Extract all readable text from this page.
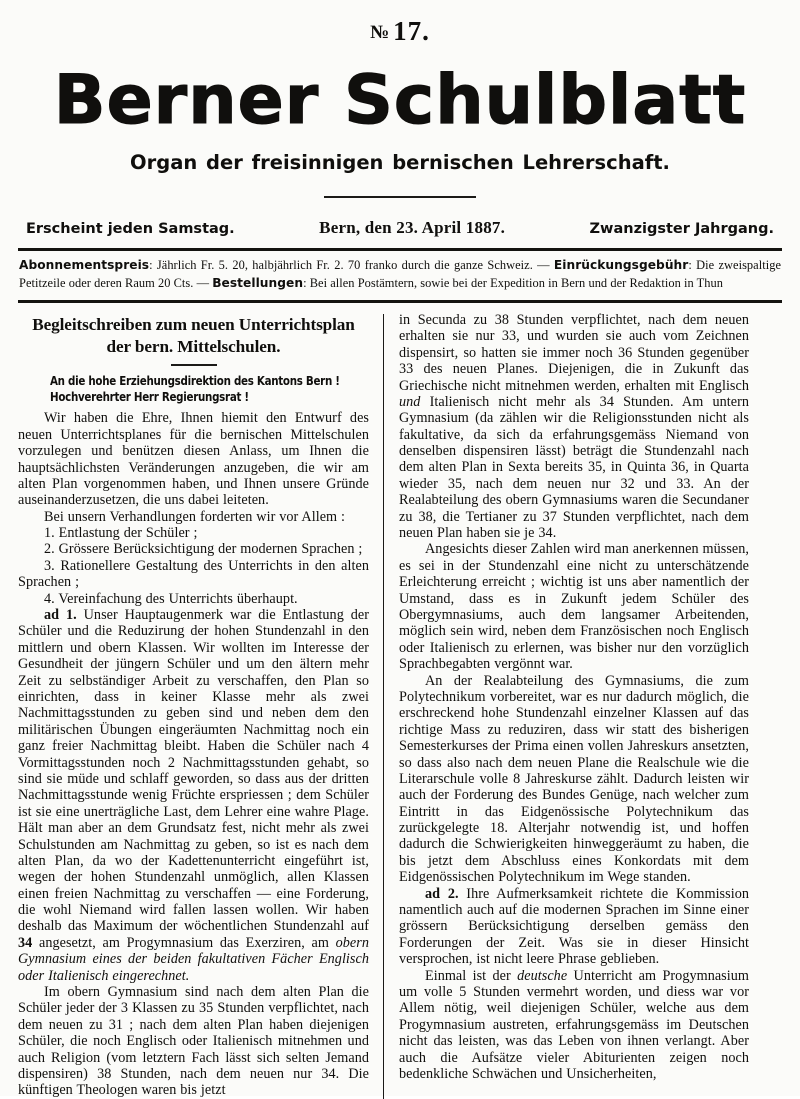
№ 17.
Berner Schulblatt
Organ der freisinnigen bernischen Lehrerschaft.
Erscheint jeden Samstag.	Bern, den 23. April 1887.	Zwanzigster Jahrgang.
Abonnementspreis: Jährlich Fr. 5. 20, halbjährlich Fr. 2. 70 franko durch die ganze Schweiz. — Einrückungsgebühr: Die zweispaltige Petitzeile oder deren Raum 20 Cts. — Bestellungen: Bei allen Postämtern, sowie bei der Expedition in Bern und der Redaktion in Thun
Begleitschreiben zum neuen Unterrichtsplan
der bern. Mittelschulen.
An die hohe Erziehungsdirektion des Kantons Bern !
Hochverehrter Herr Regierungsrat !

Wir haben die Ehre, Ihnen hiemit den Entwurf des neuen Unterrichtsplanes für die bernischen Mittelschulen vorzulegen und benützen diesen Anlass, um Ihnen die hauptsächlichsten Veränderungen anzugeben, die wir am alten Plan vorgenommen haben, und Ihnen unsere Gründe auseinanderzusetzen, die uns dabei leiteten.

Bei unsern Verhandlungen forderten wir vor Allem :

1. Entlastung der Schüler ;

2. Grössere Berücksichtigung der modernen Sprachen ;

3. Rationellere Gestaltung des Unterrichts in den alten Sprachen ;

4. Vereinfachung des Unterrichts überhaupt.

ad 1. Unser Hauptaugenmerk war die Entlastung der Schüler und die Reduzirung der hohen Stundenzahl in den mittlern und obern Klassen. Wir wollten im Interesse der Gesundheit der jüngern Schüler und um den ältern mehr Zeit zu selbständiger Arbeit zu verschaffen, den Plan so einrichten, dass in keiner Klasse mehr als zwei Nachmittagsstunden zu geben sind und neben dem den militärischen Übungen eingeräumten Nachmittag noch ein ganz freier Nachmittag bleibt. Haben die Schüler nach 4 Vormittagsstunden noch 2 Nachmittagsstunden gehabt, so sind sie müde und schlaff geworden, so dass aus der dritten Nachmittagsstunde wenig Früchte erspriessen ; dem Schüler ist sie eine unerträgliche Last, dem Lehrer eine wahre Plage. Hält man aber an dem Grundsatz fest, nicht mehr als zwei Schulstunden am Nachmittag zu geben, so ist es nach dem alten Plan, da wo der Kadettenunterricht eingeführt ist, wegen der hohen Stundenzahl unmöglich, allen Klassen einen freien Nachmittag zu verschaffen — eine Forderung, die wohl Niemand wird fallen lassen wollen. Wir haben deshalb das Maximum der wöchentlichen Stundenzahl auf 34 angesetzt, am Progymnasium das Exerziren, am obern Gymnasium eines der beiden fakultativen Fächer Englisch oder Italienisch eingerechnet.

Im obern Gymnasium sind nach dem alten Plan die Schüler jeder der 3 Klassen zu 35 Stunden verpflichtet, nach dem neuen zu 31 ; nach dem alten Plan haben diejenigen Schüler, die noch Englisch oder Italienisch mitnehmen und auch Religion (vom letztern Fach lässt sich selten Jemand dispensiren) 38 Stunden, nach dem neuen nur 34. Die künftigen Theologen waren bis jetzt

in Secunda zu 38 Stunden verpflichtet, nach dem neuen erhalten sie nur 33, und wurden sie auch vom Zeichnen dispensirt, so hatten sie immer noch 36 Stunden gegenüber 33 des neuen Planes. Diejenigen, die in Zukunft das Griechische nicht mitnehmen werden, erhalten mit Englisch und Italienisch nicht mehr als 34 Stunden. Am untern Gymnasium (da zählen wir die Religionsstunden nicht als fakultative, da sich da erfahrungsgemäss Niemand von denselben dispensiren lässt) beträgt die Stundenzahl nach dem alten Plan in Sexta bereits 35, in Quinta 36, in Quarta wieder 35, nach dem neuen nur 32 und 33. An der Realabteilung des obern Gymnasiums waren die Secundaner zu 38, die Tertianer zu 37 Stunden verpflichtet, nach dem neuen Plan haben sie je 34.

Angesichts dieser Zahlen wird man anerkennen müssen, es sei in der Stundenzahl eine nicht zu unterschätzende Erleichterung erreicht ; wichtig ist uns aber namentlich der Umstand, dass es in Zukunft jedem Schüler des Obergymnasiums, auch dem langsamer Arbeitenden, möglich sein wird, neben dem Französischen noch Englisch oder Italienisch zu erlernen, was bisher nur den vorzüglich Sprachbegabten vergönnt war.

An der Realabteilung des Gymnasiums, die zum Polytechnikum vorbereitet, war es nur dadurch möglich, die erschreckend hohe Stundenzahl einzelner Klassen auf das richtige Mass zu reduziren, dass wir statt des bisherigen Semesterkurses der Prima einen vollen Jahreskurs ansetzten, so dass also nach dem neuen Plane die Realschule wie die Literarschule volle 8 Jahreskurse zählt. Dadurch leisten wir auch der Forderung des Bundes Genüge, nach welcher zum Eintritt in das Eidgenössische Polytechnikum das zurückgelegte 18. Alterjahr notwendig ist, und hoffen dadurch die Schwierigkeiten hinweggeräumt zu haben, die bis jetzt dem Abschluss eines Konkordats mit dem Eidgenössischen Polytechnikum im Wege standen.

ad 2. Ihre Aufmerksamkeit richtete die Kommission namentlich auch auf die modernen Sprachen im Sinne einer grössern Berücksichtigung derselben gemäss den Forderungen der Zeit. Was sie in dieser Hinsicht versprochen, ist nicht leere Phrase geblieben.

Einmal ist der deutsche Unterricht am Progymnasium um volle 5 Stunden vermehrt worden, und diess war vor Allem nötig, weil diejenigen Schüler, welche aus dem Progymnasium austreten, erfahrungsgemäss im Deutschen nicht das leisten, was das Leben von ihnen verlangt. Aber auch die Aufsätze vieler Abiturienten zeigen noch bedenkliche Schwächen und Unsicherheiten,
